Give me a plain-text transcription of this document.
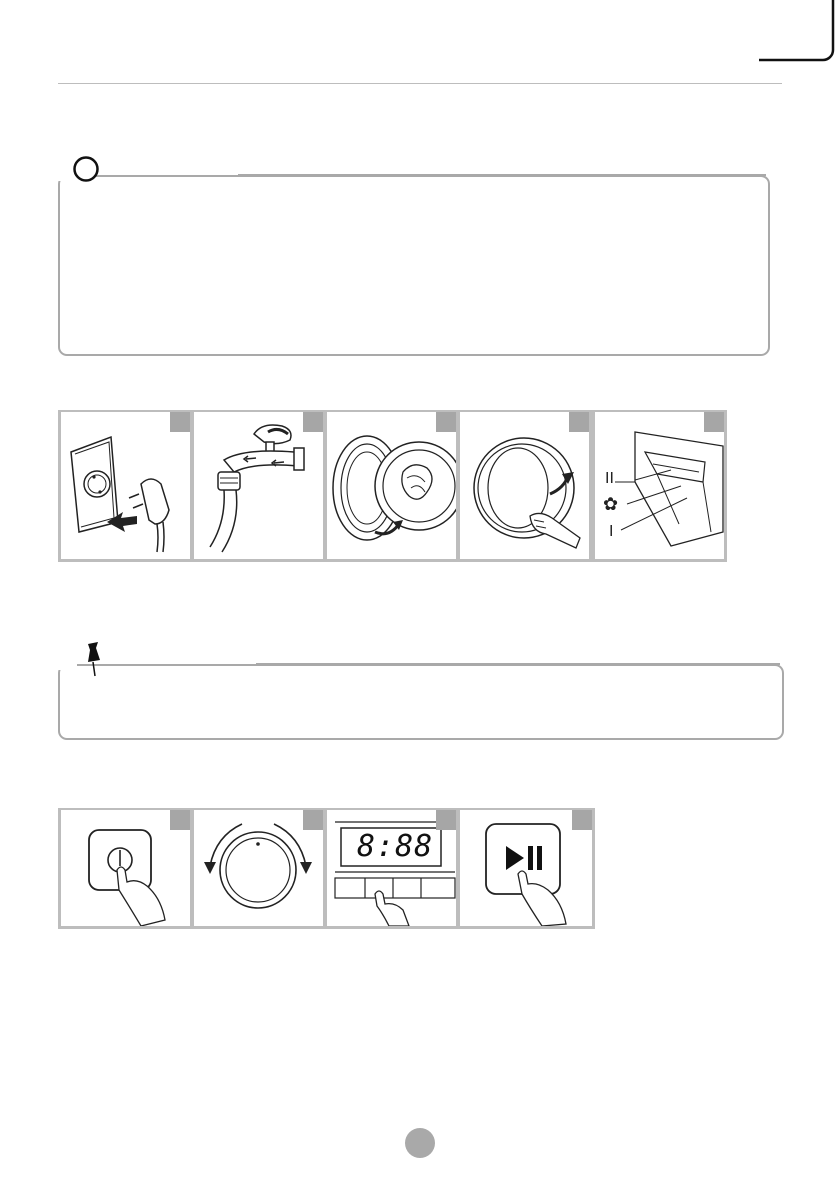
II
✿
I
8:88
